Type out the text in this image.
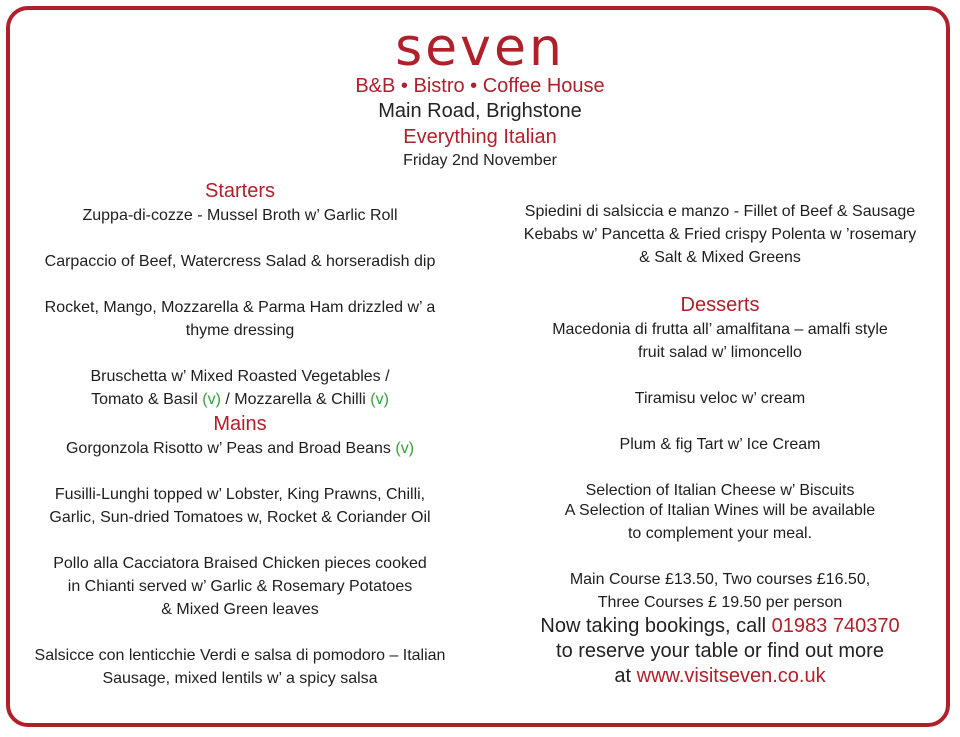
seven
B&B • Bistro • Coffee House
Main Road, Brighstone
Everything Italian
Friday 2nd November
Starters

Zuppa-di-cozze - Mussel Broth w’ Garlic Roll

Carpaccio of Beef, Watercress Salad & horseradish dip

Rocket, Mango, Mozzarella & Parma Ham drizzled w’ a
thyme dressing

Bruschetta w’ Mixed Roasted Vegetables /
Tomato & Basil (v) / Mozzarella & Chilli (v)

Mains

Gorgonzola Risotto w’ Peas and Broad Beans (v)

Fusilli-Lunghi topped w’ Lobster, King Prawns, Chilli,
Garlic, Sun-dried Tomatoes w, Rocket & Coriander Oil

Pollo alla Cacciatora Braised Chicken pieces cooked
in Chianti served w’ Garlic & Rosemary Potatoes
& Mixed Green leaves

Salsicce con lenticchie Verdi e salsa di pomodoro – Italian
Sausage, mixed lentils w’ a spicy salsa

Spiedini di salsiccia e manzo - Fillet of Beef & Sausage
Kebabs w’ Pancetta & Fried crispy Polenta w ’rosemary
& Salt & Mixed Greens

Desserts

Macedonia di frutta all’ amalfitana – amalfi style
fruit salad w’ limoncello

Tiramisu veloc w’ cream

Plum & fig Tart w’ Ice Cream

Selection of Italian Cheese w’ Biscuits

A Selection of Italian Wines will be available
to complement your meal.

Main Course £13.50, Two courses £16.50,
Three Courses £ 19.50 per person
Now taking bookings, call 01983 740370
to reserve your table or find out more
at www.visitseven.co.uk
